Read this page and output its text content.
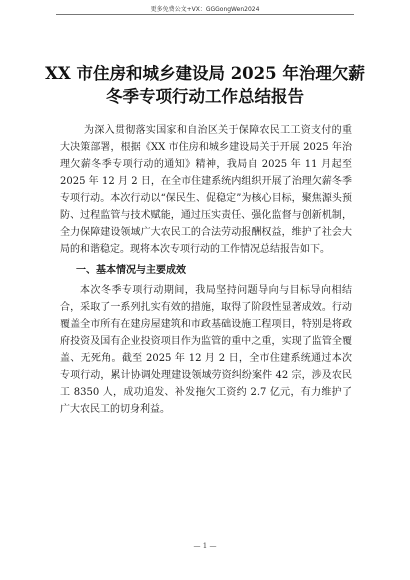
更多免费公文+VX：GGGongWen2024
XX 市住房和城乡建设局 2025 年治理欠薪
冬季专项行动工作总结报告

为深入贯彻落实国家和自治区关于保障农民工工资支付的重大决策部署，根据《XX 市住房和城乡建设局关于开展 2025 年治理欠薪冬季专项行动的通知》精神，我局自 2025 年 11 月起至 2025 年 12 月 2 日，在全市住建系统内组织开展了治理欠薪冬季专项行动。本次行动以“保民生、促稳定”为核心目标，聚焦源头预防、过程监管与技术赋能，通过压实责任、强化监督与创新机制，全力保障建设领域广大农民工的合法劳动报酬权益，维护了社会大局的和谐稳定。现将本次专项行动的工作情况总结报告如下。

一、基本情况与主要成效

本次冬季专项行动期间，我局坚持问题导向与目标导向相结合，采取了一系列扎实有效的措施，取得了阶段性显著成效。行动覆盖全市所有在建房屋建筑和市政基础设施工程项目，特别是将政府投资及国有企业投资项目作为监管的重中之重，实现了监管全覆盖、无死角。截至 2025 年 12 月 2 日，全市住建系统通过本次专项行动，累计协调处理建设领域劳资纠纷案件 42 宗，涉及农民工 8350 人，成功追发、补发拖欠工资约 2.7 亿元，有力维护了广大农民工的切身利益。

— 1 —
